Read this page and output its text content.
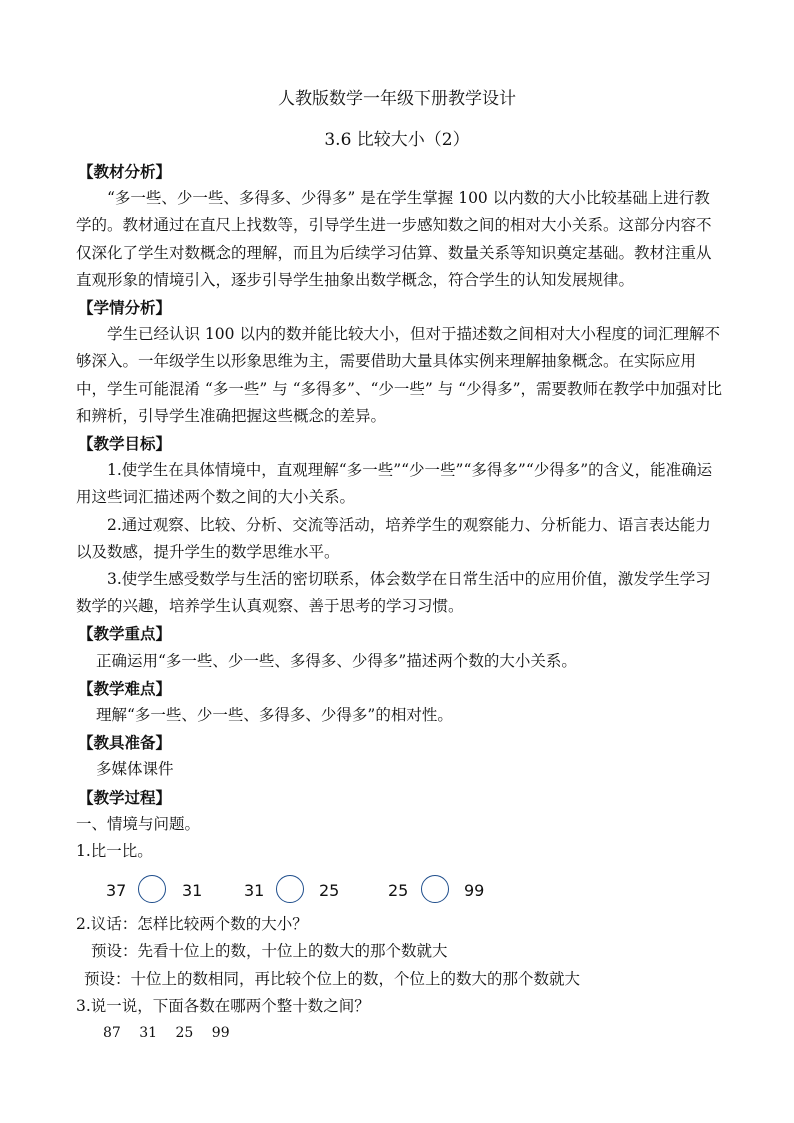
人教版数学一年级下册教学设计
3.6 比较大小（2）

【教材分析】

“多一些、少一些、多得多、少得多” 是在学生掌握 100 以内数的大小比较基础上进行教学的。教材通过在直尺上找数等，引导学生进一步感知数之间的相对大小关系。这部分内容不仅深化了学生对数概念的理解，而且为后续学习估算、数量关系等知识奠定基础。教材注重从直观形象的情境引入，逐步引导学生抽象出数学概念，符合学生的认知发展规律。

【学情分析】

学生已经认识 100 以内的数并能比较大小，但对于描述数之间相对大小程度的词汇理解不够深入。一年级学生以形象思维为主，需要借助大量具体实例来理解抽象概念。在实际应用中，学生可能混淆 “多一些” 与 “多得多”、“少一些” 与 “少得多”，需要教师在教学中加强对比和辨析，引导学生准确把握这些概念的差异。

【教学目标】

1.使学生在具体情境中，直观理解“多一些”“少一些”“多得多”“少得多”的含义，能准确运用这些词汇描述两个数之间的大小关系。

2.通过观察、比较、分析、交流等活动，培养学生的观察能力、分析能力、语言表达能力以及数感，提升学生的数学思维水平。

3.使学生感受数学与生活的密切联系，体会数学在日常生活中的应用价值，激发学生学习数学的兴趣，培养学生认真观察、善于思考的学习习惯。

【教学重点】

正确运用“多一些、少一些、多得多、少得多”描述两个数的大小关系。

【教学难点】

理解“多一些、少一些、多得多、少得多”的相对性。

【教具准备】

多媒体课件

【教学过程】

一、情境与问题。

1.比一比。

37	31	31	25	25	99

2.议话：怎样比较两个数的大小？

预设：先看十位上的数，十位上的数大的那个数就大

预设：十位上的数相同，再比较个位上的数，个位上的数大的那个数就大

3.说一说，下面各数在哪两个整十数之间？

87 31 25 99
